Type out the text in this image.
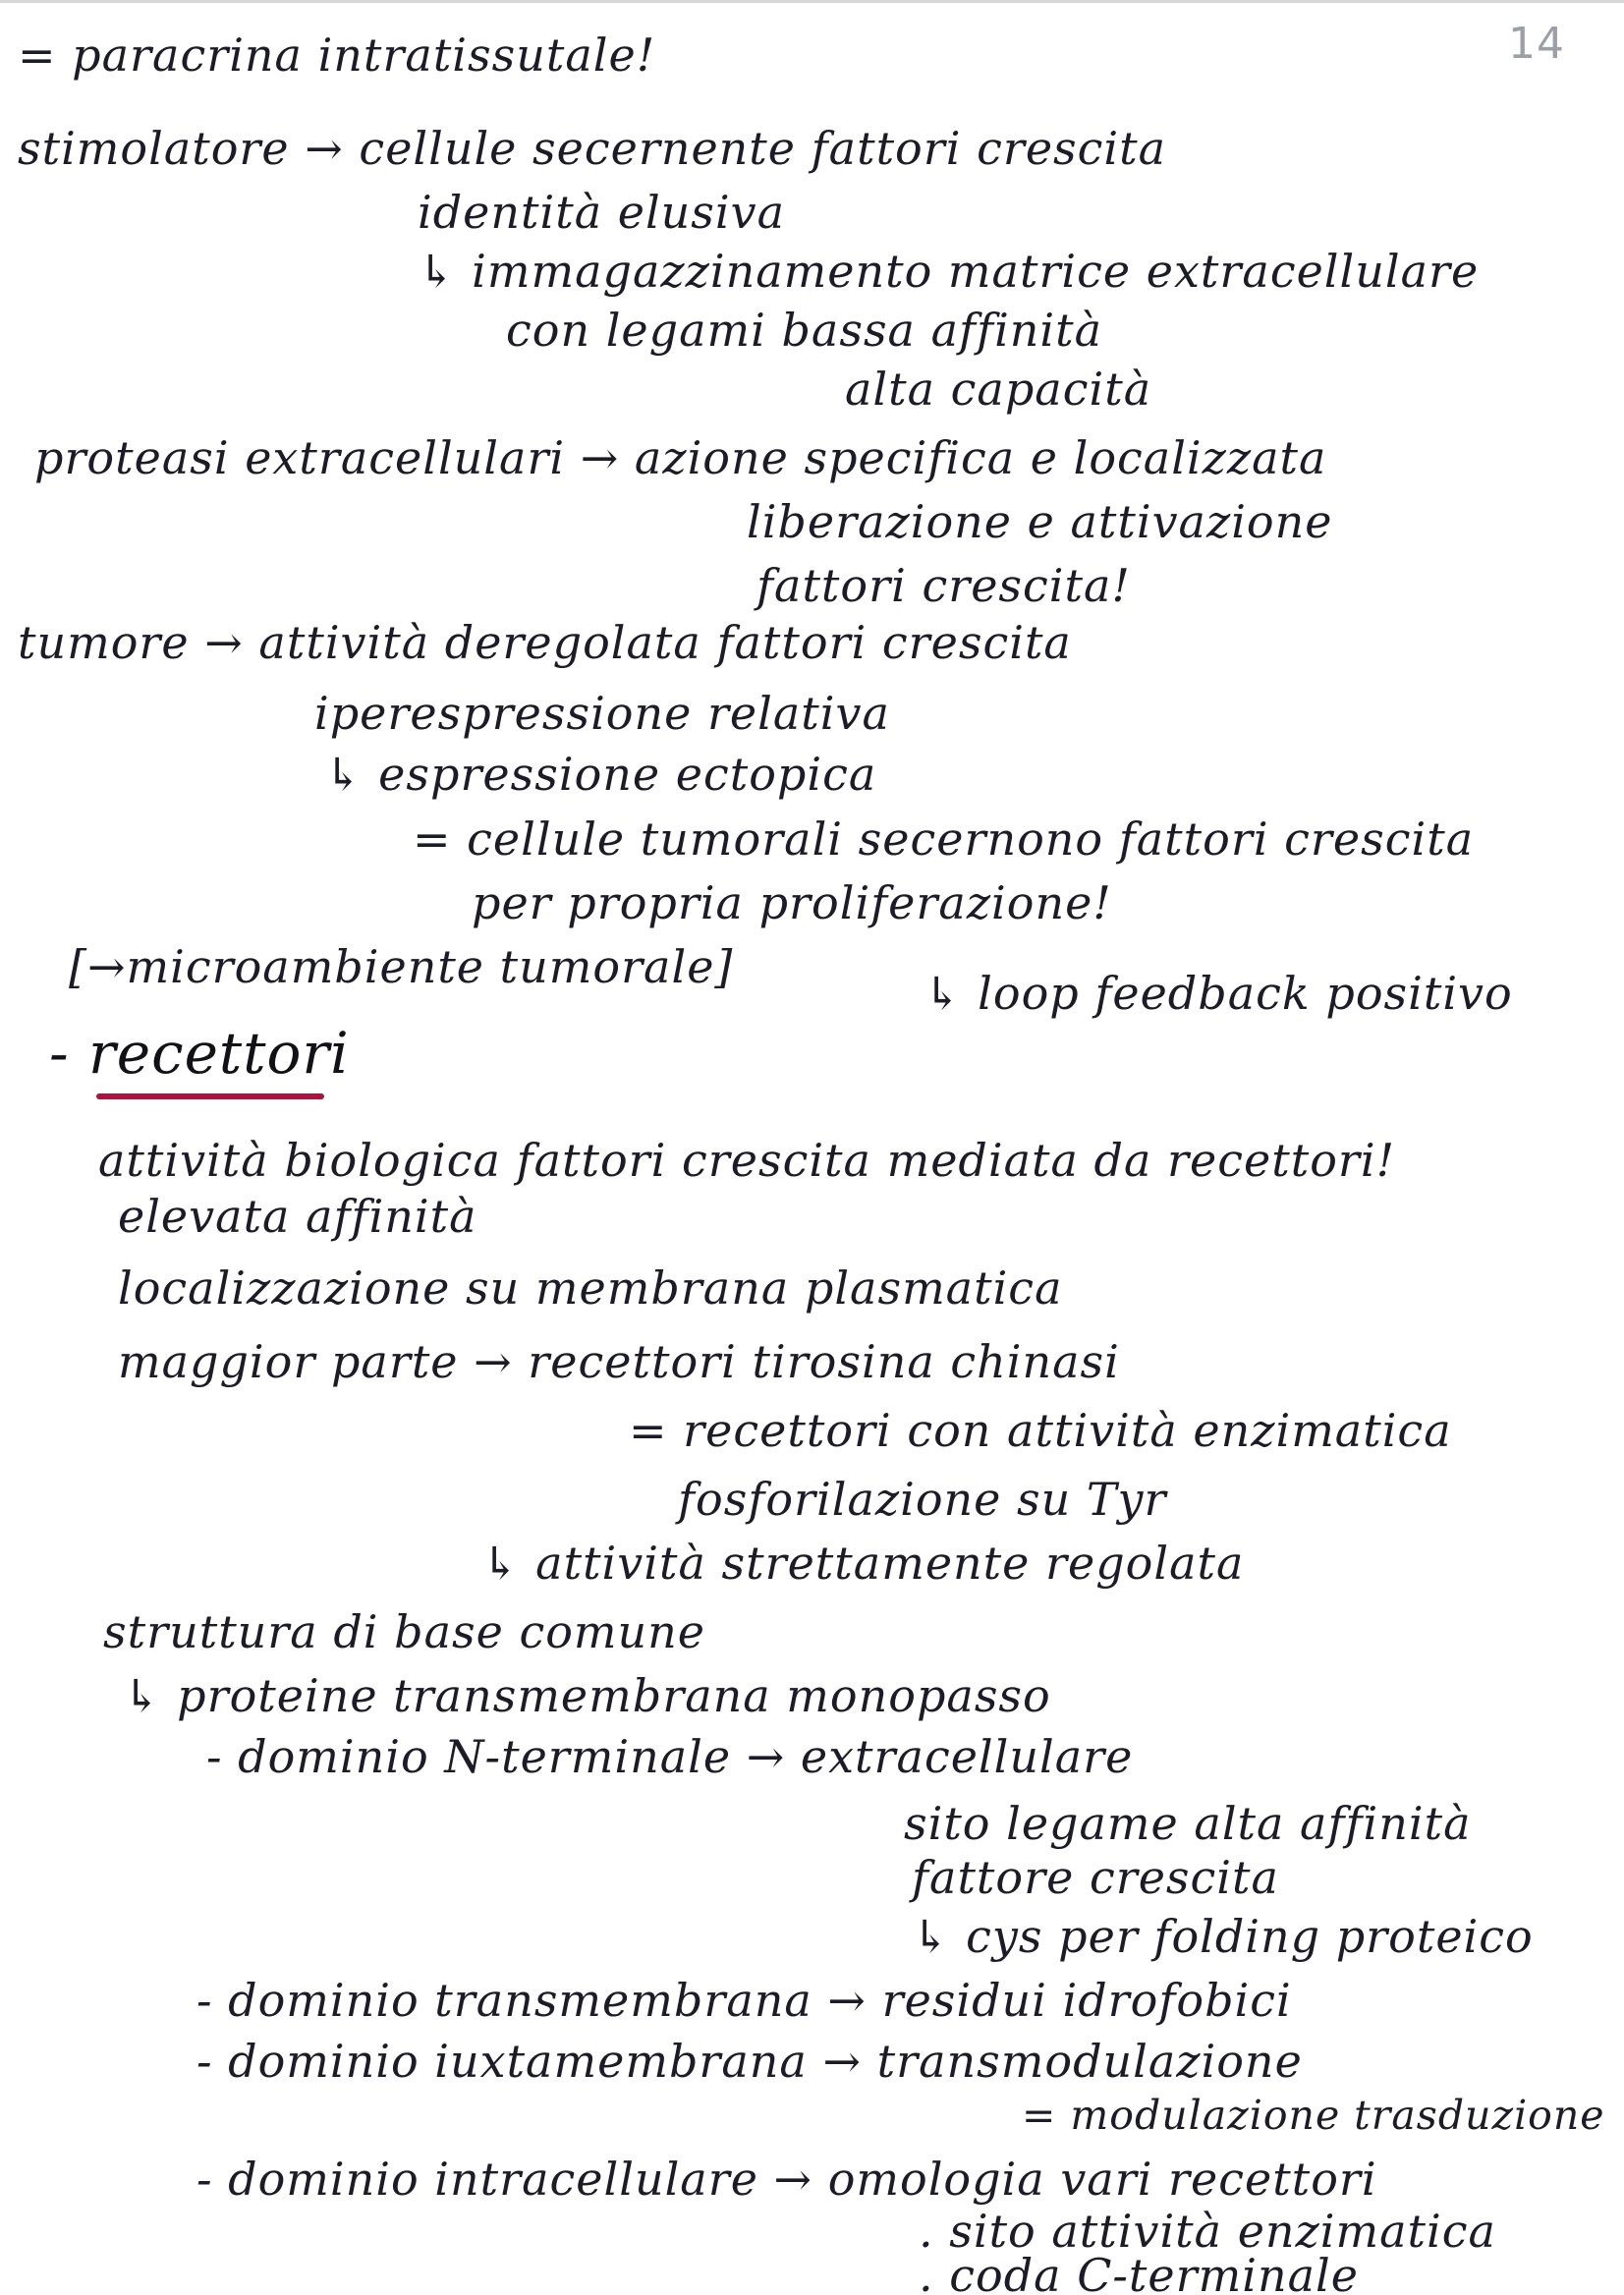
14
= paracrina intratissutale!
stimolatore → cellule secernente fattori crescita
identità elusiva
↳ immagazzinamento matrice extracellulare
con legami bassa affinità
alta capacità
proteasi extracellulari → azione specifica e localizzata
liberazione e attivazione
fattori crescita!
tumore → attività deregolata fattori crescita
iperespressione relativa
↳ espressione ectopica
= cellule tumorali secernono fattori crescita
per propria proliferazione!
[→microambiente tumorale]	↳ loop feedback positivo
- recettori
attività biologica fattori crescita mediata da recettori!
elevata affinità
localizzazione su membrana plasmatica
maggior parte → recettori tirosina chinasi
= recettori con attività enzimatica
fosforilazione su Tyr
↳ attività strettamente regolata
struttura di base comune
↳ proteine transmembrana monopasso
- dominio N-terminale → extracellulare
sito legame alta affinità
fattore crescita
↳ cys per folding proteico
- dominio transmembrana → residui idrofobici
- dominio iuxtamembrana → transmodulazione
= modulazione trasduzione
- dominio intracellulare → omologia vari recettori
. sito attività enzimatica
. coda C-terminale
